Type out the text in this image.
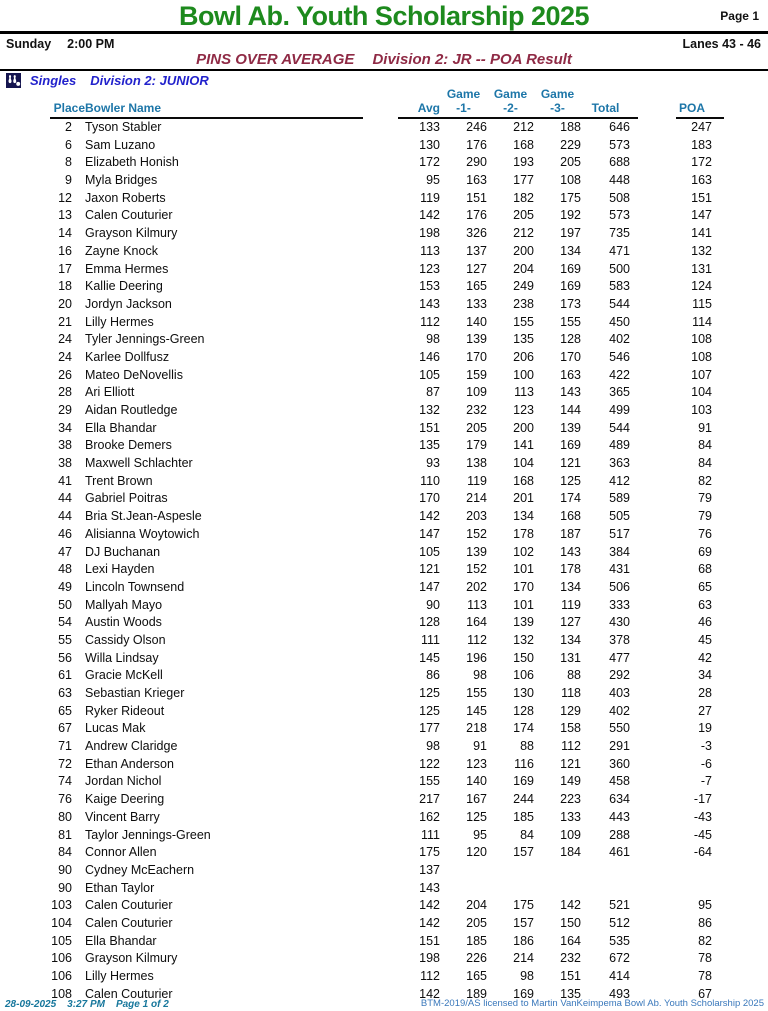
Bowl Ab. Youth Scholarship 2025	Page 1
Sunday 2:00 PM	Lanes 43 - 46
PINS OVER AVERAGE Division 2: JR -- POA Result
Singles Division 2: JUNIOR
Game	Game	Game
Place Bowler Name	Avg	-1-	-2-	-3-	Total	POA
2	Tyson Stabler	133	246	212	188	646	247
6	Sam Luzano	130	176	168	229	573	183
8	Elizabeth Honish	172	290	193	205	688	172
9	Myla Bridges	95	163	177	108	448	163
12	Jaxon Roberts	119	151	182	175	508	151
13	Calen Couturier	142	176	205	192	573	147
14	Grayson Kilmury	198	326	212	197	735	141
16	Zayne Knock	113	137	200	134	471	132
17	Emma Hermes	123	127	204	169	500	131
18	Kallie Deering	153	165	249	169	583	124
20	Jordyn Jackson	143	133	238	173	544	115
21	Lilly Hermes	112	140	155	155	450	114
24	Tyler Jennings-Green	98	139	135	128	402	108
24	Karlee Dollfusz	146	170	206	170	546	108
26	Mateo DeNovellis	105	159	100	163	422	107
28	Ari Elliott	87	109	113	143	365	104
29	Aidan Routledge	132	232	123	144	499	103
34	Ella Bhandar	151	205	200	139	544	91
38	Brooke Demers	135	179	141	169	489	84
38	Maxwell Schlachter	93	138	104	121	363	84
41	Trent Brown	110	119	168	125	412	82
44	Gabriel Poitras	170	214	201	174	589	79
44	Bria St.Jean-Aspesle	142	203	134	168	505	79
46	Alisianna Woytowich	147	152	178	187	517	76
47	DJ Buchanan	105	139	102	143	384	69
48	Lexi Hayden	121	152	101	178	431	68
49	Lincoln Townsend	147	202	170	134	506	65
50	Mallyah Mayo	90	113	101	119	333	63
54	Austin Woods	128	164	139	127	430	46
55	Cassidy Olson	111	112	132	134	378	45
56	Willa Lindsay	145	196	150	131	477	42
61	Gracie McKell	86	98	106	88	292	34
63	Sebastian Krieger	125	155	130	118	403	28
65	Ryker Rideout	125	145	128	129	402	27
67	Lucas Mak	177	218	174	158	550	19
71	Andrew Claridge	98	91	88	112	291	-3
72	Ethan Anderson	122	123	116	121	360	-6
74	Jordan Nichol	155	140	169	149	458	-7
76	Kaige Deering	217	167	244	223	634	-17
80	Vincent Barry	162	125	185	133	443	-43
81	Taylor Jennings-Green	111	95	84	109	288	-45
84	Connor Allen	175	120	157	184	461	-64
90	Cydney McEachern	137
90	Ethan Taylor	143
103	Calen Couturier	142	204	175	142	521	95
104	Calen Couturier	142	205	157	150	512	86
105	Ella Bhandar	151	185	186	164	535	82
106	Grayson Kilmury	198	226	214	232	672	78
106	Lilly Hermes	112	165	98	151	414	78
108	Calen Couturier	142	189	169	135	493	67
28-09-2025 3:27 PM Page 1 of 2	BTM-2019/AS licensed to Martin VanKeimpema Bowl Ab. Youth Scholarship 2025
